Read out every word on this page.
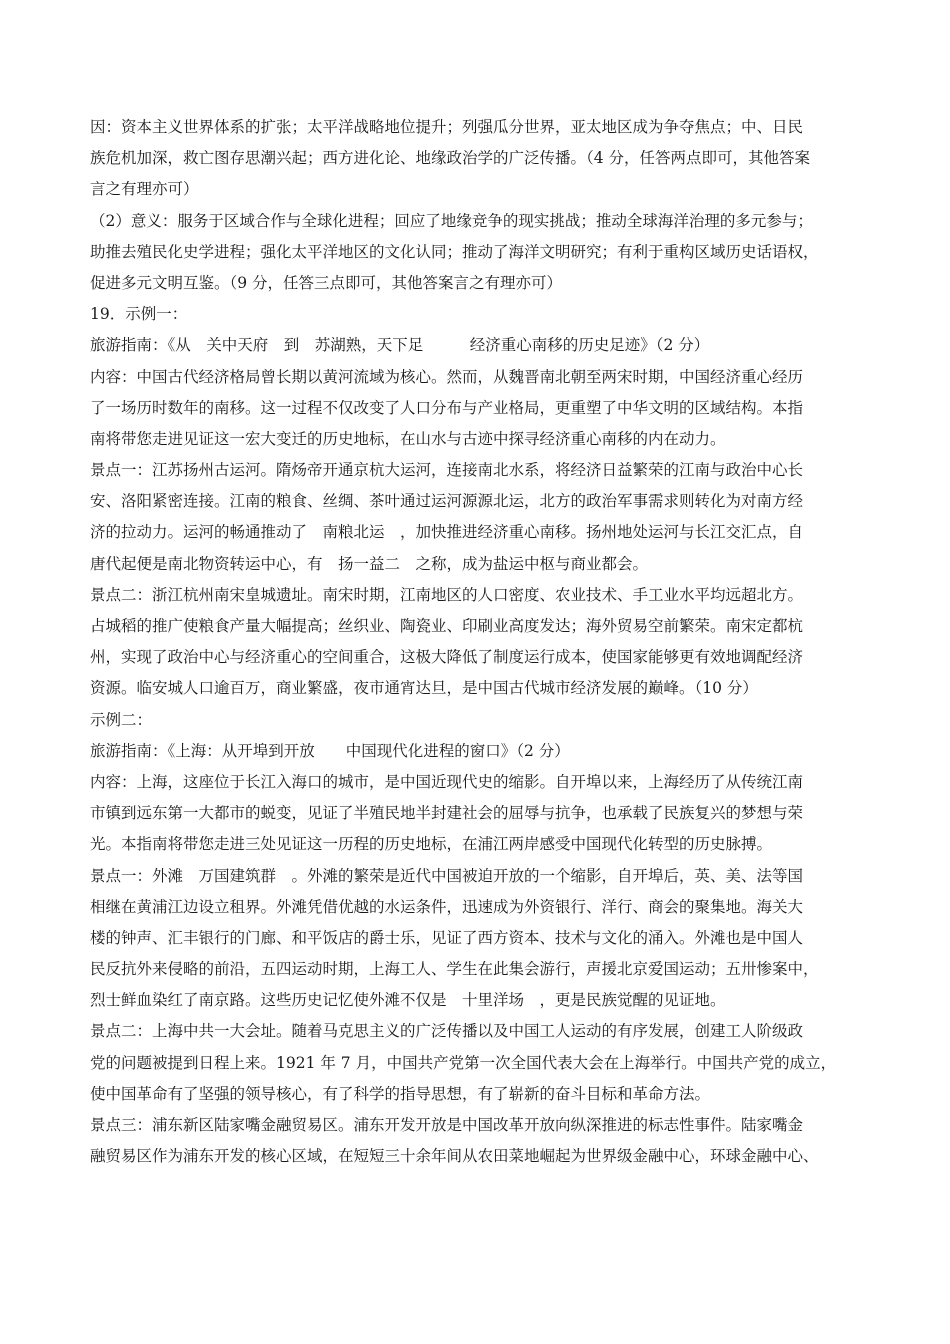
因：资本主义世界体系的扩张；太平洋战略地位提升；列强瓜分世界，亚太地区成为争夺焦点；中、日民
族危机加深，救亡图存思潮兴起；西方进化论、地缘政治学的广泛传播。（4 分，任答两点即可，其他答案
言之有理亦可）
（2）意义：服务于区域合作与全球化进程；回应了地缘竞争的现实挑战；推动全球海洋治理的多元参与；
助推去殖民化史学进程；强化太平洋地区的文化认同；推动了海洋文明研究；有利于重构区域历史话语权，
促进多元文明互鉴。（9 分，任答三点即可，其他答案言之有理亦可）
19．示例一：
旅游指南：《从　关中天府　到　苏湖熟，天下足　　　经济重心南移的历史足迹》（2 分）
内容：中国古代经济格局曾长期以黄河流域为核心。然而，从魏晋南北朝至两宋时期，中国经济重心经历
了一场历时数年的南移。这一过程不仅改变了人口分布与产业格局，更重塑了中华文明的区域结构。本指
南将带您走进见证这一宏大变迁的历史地标，在山水与古迹中探寻经济重心南移的内在动力。
景点一：江苏扬州古运河。隋炀帝开通京杭大运河，连接南北水系，将经济日益繁荣的江南与政治中心长
安、洛阳紧密连接。江南的粮食、丝绸、茶叶通过运河源源北运，北方的政治军事需求则转化为对南方经
济的拉动力。运河的畅通推动了　南粮北运　，加快推进经济重心南移。扬州地处运河与长江交汇点，自
唐代起便是南北物资转运中心，有　扬一益二　之称，成为盐运中枢与商业都会。
景点二：浙江杭州南宋皇城遗址。南宋时期，江南地区的人口密度、农业技术、手工业水平均远超北方。
占城稻的推广使粮食产量大幅提高；丝织业、陶瓷业、印刷业高度发达；海外贸易空前繁荣。南宋定都杭
州，实现了政治中心与经济重心的空间重合，这极大降低了制度运行成本，使国家能够更有效地调配经济
资源。临安城人口逾百万，商业繁盛，夜市通宵达旦，是中国古代城市经济发展的巅峰。（10 分）
示例二：
旅游指南：《上海：从开埠到开放　　中国现代化进程的窗口》（2 分）
内容：上海，这座位于长江入海口的城市，是中国近现代史的缩影。自开埠以来，上海经历了从传统江南
市镇到远东第一大都市的蜕变，见证了半殖民地半封建社会的屈辱与抗争，也承载了民族复兴的梦想与荣
光。本指南将带您走进三处见证这一历程的历史地标，在浦江两岸感受中国现代化转型的历史脉搏。
景点一：外滩　万国建筑群　。外滩的繁荣是近代中国被迫开放的一个缩影，自开埠后，英、美、法等国
相继在黄浦江边设立租界。外滩凭借优越的水运条件，迅速成为外资银行、洋行、商会的聚集地。海关大
楼的钟声、汇丰银行的门廊、和平饭店的爵士乐，见证了西方资本、技术与文化的涌入。外滩也是中国人
民反抗外来侵略的前沿，五四运动时期，上海工人、学生在此集会游行，声援北京爱国运动；五卅惨案中，
烈士鲜血染红了南京路。这些历史记忆使外滩不仅是　十里洋场　，更是民族觉醒的见证地。
景点二：上海中共一大会址。随着马克思主义的广泛传播以及中国工人运动的有序发展，创建工人阶级政
党的问题被提到日程上来。1921 年 7 月，中国共产党第一次全国代表大会在上海举行。中国共产党的成立，
使中国革命有了坚强的领导核心，有了科学的指导思想，有了崭新的奋斗目标和革命方法。
景点三：浦东新区陆家嘴金融贸易区。浦东开发开放是中国改革开放向纵深推进的标志性事件。陆家嘴金
融贸易区作为浦东开发的核心区域，在短短三十余年间从农田菜地崛起为世界级金融中心，环球金融中心、
